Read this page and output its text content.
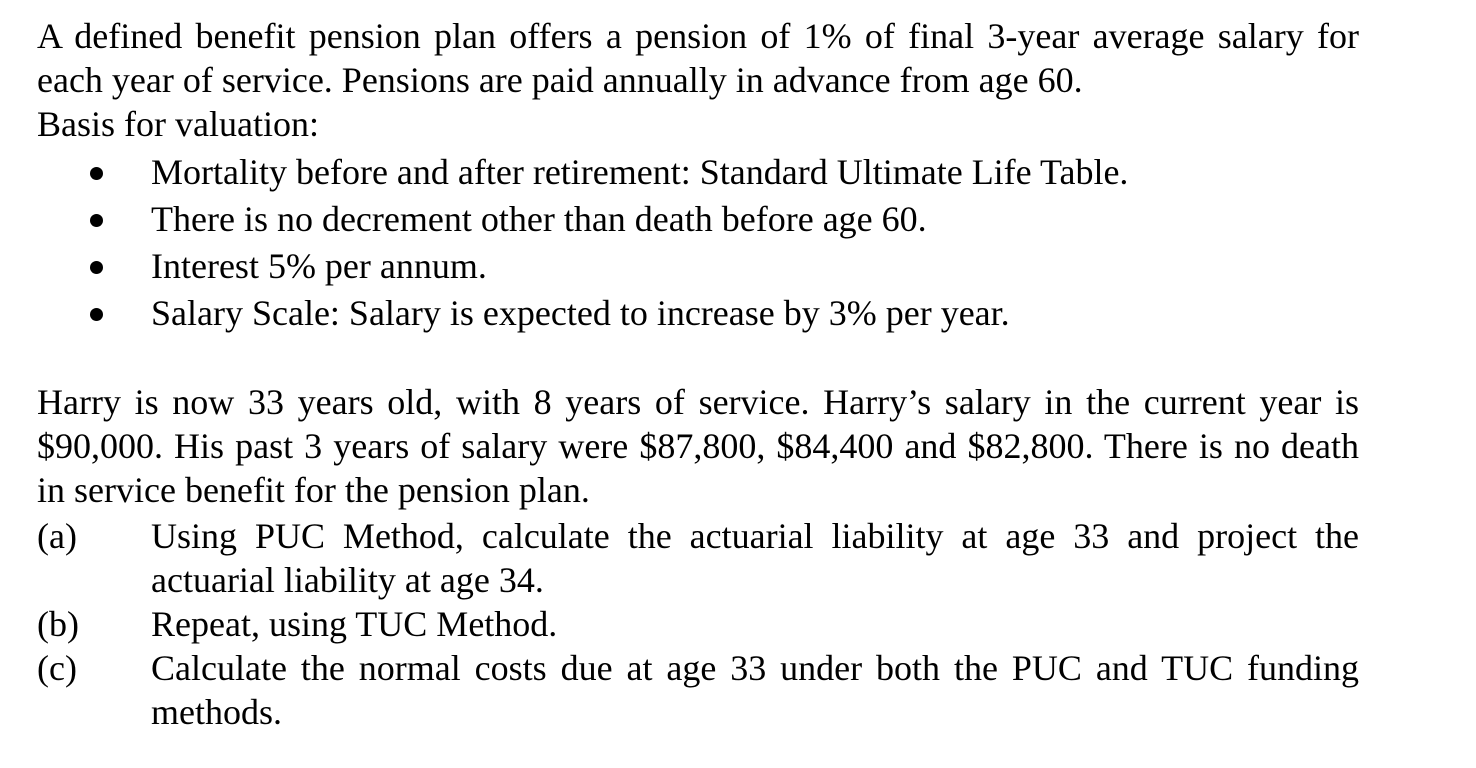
A defined benefit pension plan offers a pension of 1% of final 3-year average salary for each year of service. Pensions are paid annually in advance from age 60.
Basis for valuation:
Mortality before and after retirement: Standard Ultimate Life Table.
There is no decrement other than death before age 60.
Interest 5% per annum.
Salary Scale: Salary is expected to increase by 3% per year.
Harry is now 33 years old, with 8 years of service. Harry’s salary in the current year is $90,000. His past 3 years of salary were $87,800, $84,400 and $82,800. There is no death in service benefit for the pension plan.
(a) Using PUC Method, calculate the actuarial liability at age 33 and project the actuarial liability at age 34.
(b) Repeat, using TUC Method.
(c) Calculate the normal costs due at age 33 under both the PUC and TUC funding methods.
